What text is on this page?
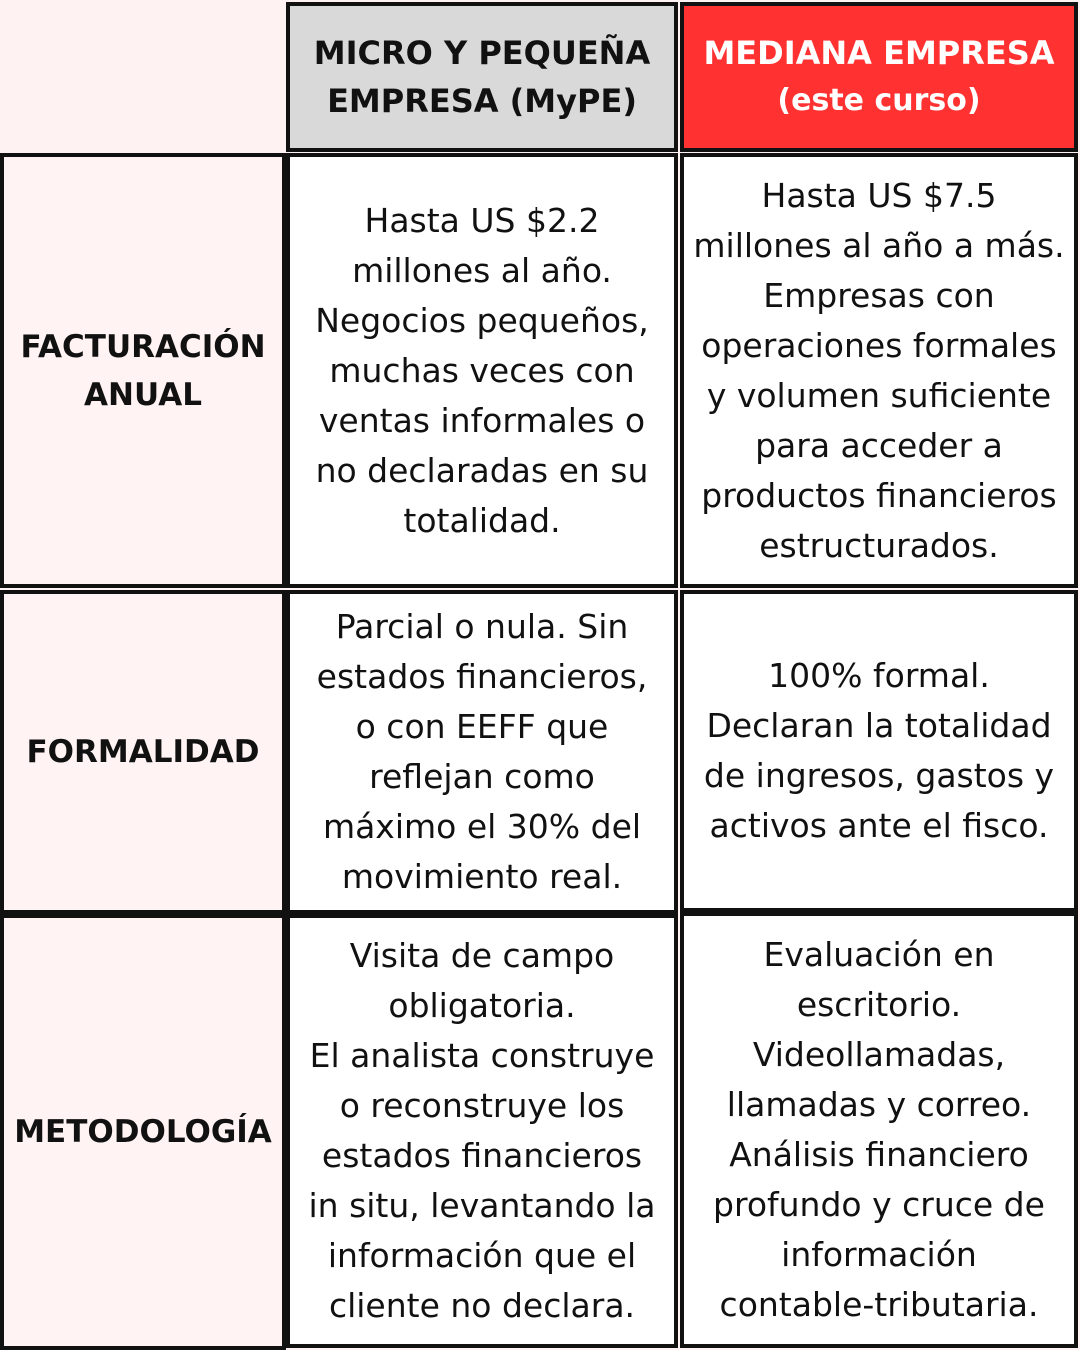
MICRO Y PEQUEÑA
EMPRESA (MyPE)
MEDIANA EMPRESA
(este curso)
FACTURACIÓN
ANUAL
Hasta US $2.2
millones al año.
Negocios pequeños,
muchas veces con
ventas informales o
no declaradas en su
totalidad.
Hasta US $7.5
millones al año a más.
Empresas con
operaciones formales
y volumen suficiente
para acceder a
productos financieros
estructurados.
FORMALIDAD
Parcial o nula. Sin
estados financieros,
o con EEFF que
reflejan como
máximo el 30% del
movimiento real.
100% formal.
Declaran la totalidad
de ingresos, gastos y
activos ante el fisco.
METODOLOGÍA
Visita de campo
obligatoria.
El analista construye
o reconstruye los
estados financieros
in situ, levantando la
información que el
cliente no declara.
Evaluación en
escritorio.
Videollamadas,
llamadas y correo.
Análisis financiero
profundo y cruce de
información
contable-tributaria.
